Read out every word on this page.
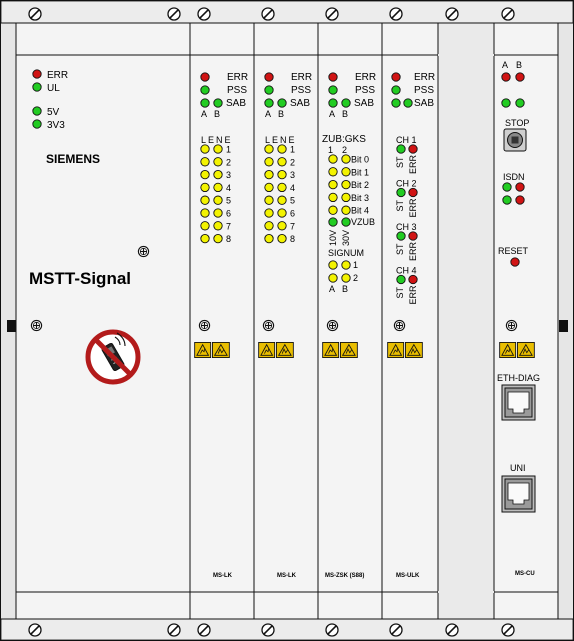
ERR
UL
5V
3V3
SIEMENS
MSTT-Signal
ERR
PSS
SAB
A B
LENE
1
2
3
4
5
6
7
8
MS-LK
ERR
PSS
SAB
A B
LENE
1
2
3
4
5
6
7
8
MS-LK
ERR
PSS
SAB
A B
ZUB:GKS
1 2
Bit 0
Bit 1
Bit 2
Bit 3
Bit 4
VZUB
10V 30V
SIGNUM
1
2
A B
MS-ZSK (S88)
ERR
PSS
SAB
CH 1
ST ERR
CH 2
ST ERR
CH 3
ST ERR
CH 4
ST ERR
MS-ULK
A B
STOP
ISDN
RESET
ETH-DIAG
UNI
MS-CU
